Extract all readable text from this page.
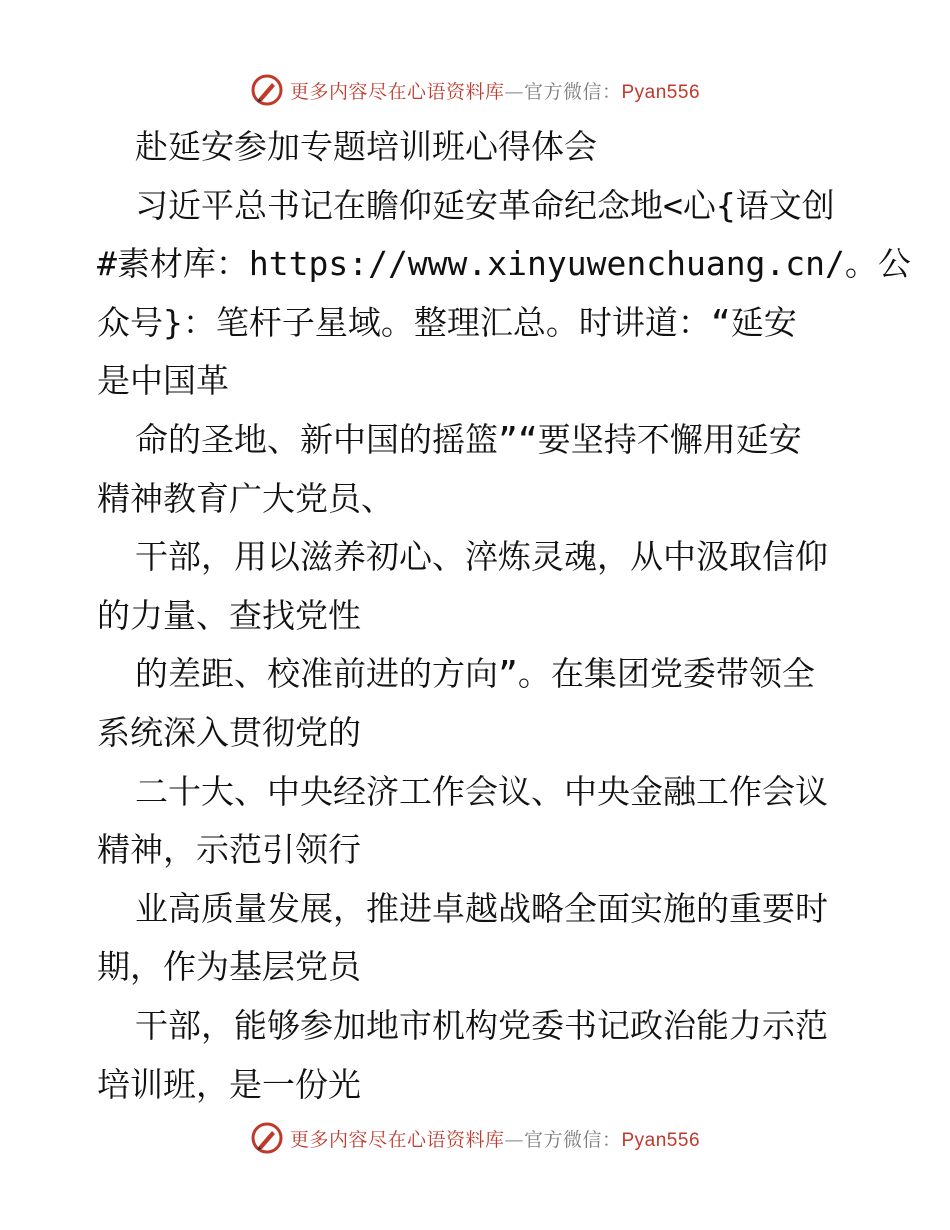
更多内容尽在心语资料库—官方微信：Pyan556
赴延安参加专题培训班心得体会
习近平总书记在瞻仰延安革命纪念地<心{语文创
#素材库：https://www.xinyuwenchuang.cn/。公
众号}：笔杆子星域。整理汇总。时讲道：“延安
是中国革
命的圣地、新中国的摇篮”“要坚持不懈用延安
精神教育广大党员、
干部，用以滋养初心、淬炼灵魂，从中汲取信仰
的力量、查找党性
的差距、校准前进的方向”。在集团党委带领全
系统深入贯彻党的
二十大、中央经济工作会议、中央金融工作会议
精神，示范引领行
业高质量发展，推进卓越战略全面实施的重要时
期，作为基层党员
干部，能够参加地市机构党委书记政治能力示范
培训班，是一份光
更多内容尽在心语资料库—官方微信：Pyan556
